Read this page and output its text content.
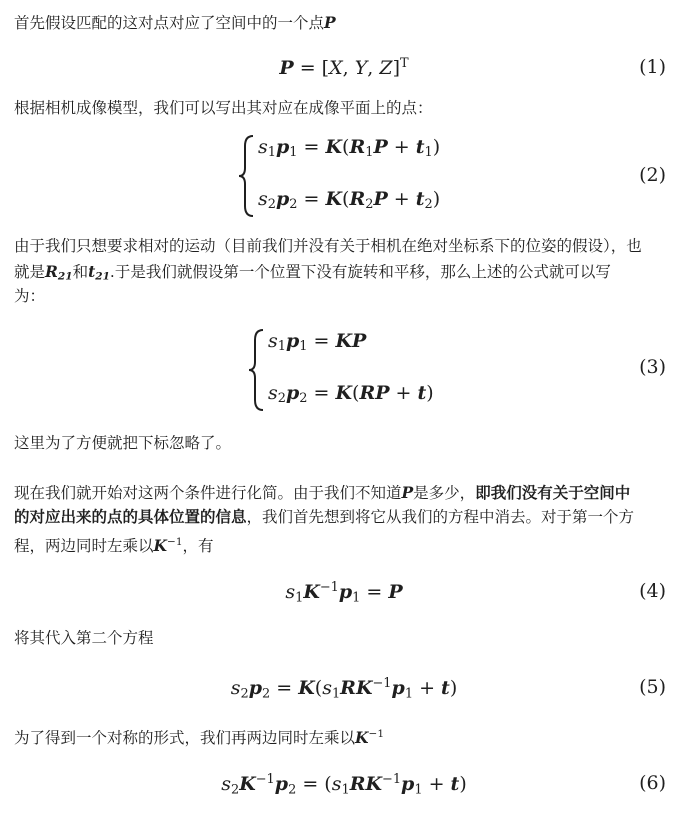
首先假设匹配的这对点对应了空间中的一个点P

P = [X, Y, Z]$^T$	(1)

根据相机成像模型，我们可以写出其对应在成像平面上的点：

$s_1p_1 = K(R_1P + t_1)$
$s_2p_2 = K(R_2P + t_2)$
(2)

由于我们只想要求相对的运动（目前我们并没有关于相机在绝对坐标系下的位姿的假设），也

就是$R_{21}$和$t_{21}$.于是我们就假设第一个位置下没有旋转和平移，那么上述的公式就可以写

为：

$s_1p_1$ = KP
$s_2p_2 = K(RP + t)$
(3)

这里为了方便就把下标忽略了。

现在我们就开始对这两个条件进行化简。由于我们不知道P是多少，即我们没有关于空间中

的对应出来的点的具体位置的信息，我们首先想到将它从我们的方程中消去。对于第一个方

程，两边同时左乘以$K^{-1}$，有

$s_1K^{-1}p_1 = P$	(4)

将其代入第二个方程

$s_2p_2 = K(s_1RK^{-1}p_1 + t)$	(5)

为了得到一个对称的形式，我们再两边同时左乘以$K^{-1}$

$s_2K^{-1}p_2 = (s_1RK^{-1}p_1 + t)$	(6)
